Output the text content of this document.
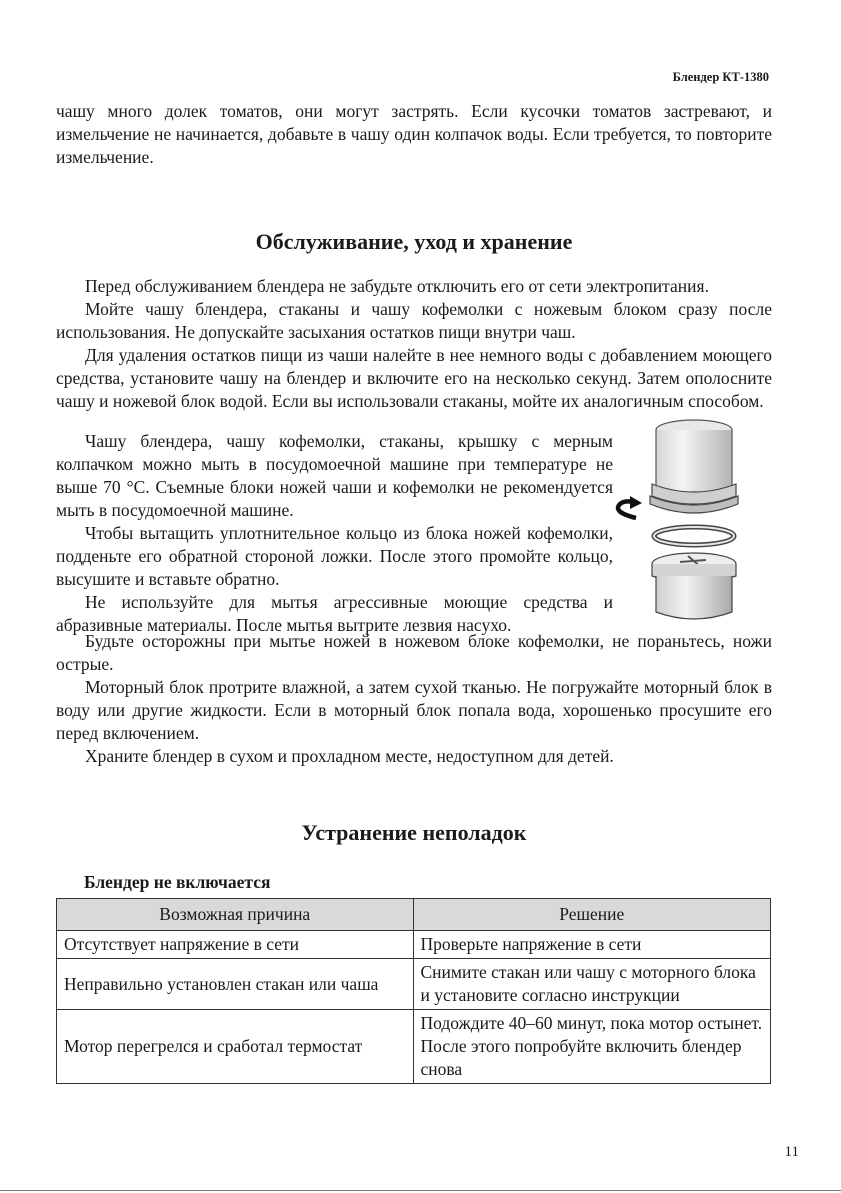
Блендер КТ-1380

чашу много долек томатов, они могут застрять. Если кусочки томатов застревают, и измельчение не начинается, добавьте в чашу один колпачок воды. Если требуется, то повторите измельчение.

Обслуживание, уход и хранение

Перед обслуживанием блендера не забудьте отключить его от сети электропитания.

Мойте чашу блендера, стаканы и чашу кофемолки с ножевым блоком сразу после использования. Не допускайте засыхания остатков пищи внутри чаш.

Для удаления остатков пищи из чаши налейте в нее немного воды с добавлением моющего средства, установите чашу на блендер и включите его на несколько секунд. Затем ополосните чашу и ножевой блок водой. Если вы использовали стаканы, мойте их аналогичным способом.

Чашу блендера, чашу кофемолки, стаканы, крышку с мерным колпачком можно мыть в посудомоечной машине при температуре не выше 70 °С. Съемные блоки ножей чаши и кофемолки не рекомендуется мыть в посудомоечной машине.

Чтобы вытащить уплотнительное кольцо из блока ножей кофемолки, подденьте его обратной стороной ложки. После этого промойте кольцо, высушите и вставьте обратно.

Не используйте для мытья агрессивные моющие средства и абразивные материалы. После мытья вытрите лезвия насухо.

Будьте осторожны при мытье ножей в ножевом блоке кофемолки, не пораньтесь, ножи острые.

Моторный блок протрите влажной, а затем сухой тканью. Не погружайте моторный блок в воду или другие жидкости. Если в моторный блок попала вода, хорошенько просушите его перед включением.

Храните блендер в сухом и прохладном месте, недоступном для детей.

Устранение неполадок
Блендер не включается
Возможная причина	Решение
Отсутствует напряжение в сети	Проверьте напряжение в сети
Неправильно установлен стакан или чаша	Снимите стакан или чашу с моторного блока и установите согласно инструкции
Мотор перегрелся и сработал термостат	Подождите 40–60 минут, пока мотор остынет. После этого попробуйте включить блендер снова
11
